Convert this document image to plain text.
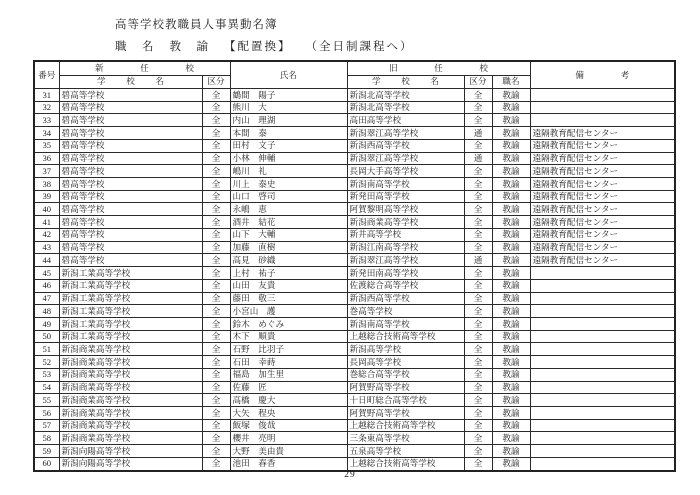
高等学校教職員人事異動名簿
職　名 教　諭 【配置換】 （全日制課程へ）
番号	新　任　校		氏名	旧　任　校			備　考
	学　校　名	区分		学　校　名	区分	職名	
31	碧高等学校	全	鶴間　陽子	新潟北高等学校	全	教諭	
32	碧高等学校	全	熊川　大	新潟北高等学校	全	教諭	
33	碧高等学校	全	内山　理湖	高田高等学校	全	教諭	
34	碧高等学校	全	本間　泰	新潟翠江高等学校	通	教諭	遠隔教育配信センター
35	碧高等学校	全	田村　文子	新潟西高等学校	全	教諭	遠隔教育配信センター
36	碧高等学校	全	小林　伸輔	新潟翠江高等学校	通	教諭	遠隔教育配信センター
37	碧高等学校	全	嶋川　礼	長岡大手高等学校	全	教諭	遠隔教育配信センター
38	碧高等学校	全	川上　泰史	新潟南高等学校	全	教諭	遠隔教育配信センター
39	碧高等学校	全	山口　啓司	新発田高等学校	全	教諭	遠隔教育配信センター
40	碧高等学校	全	永嶋　恵	阿賀黎明高等学校	全	教諭	遠隔教育配信センター
41	碧高等学校	全	酒井　結花	新潟商業高等学校	全	教諭	遠隔教育配信センター
42	碧高等学校	全	山下　大輔	新井高等学校	全	教諭	遠隔教育配信センター
43	碧高等学校	全	加藤　直樹	新潟江南高等学校	全	教諭	遠隔教育配信センター
44	碧高等学校	全	高見　砂織	新潟翠江高等学校	通	教諭	遠隔教育配信センター
45	新潟工業高等学校	全	上村　祐子	新発田南高等学校	全	教諭	
46	新潟工業高等学校	全	山田　友貴	佐渡総合高等学校	全	教諭	
47	新潟工業高等学校	全	藤田　敬三	新潟西高等学校	全	教諭	
48	新潟工業高等学校	全	小宮山　護	巻高等学校	全	教諭	
49	新潟工業高等学校	全	鈴木　めぐみ	新潟南高等学校	全	教諭	
50	新潟工業高等学校	全	木下　順貴	上越総合技術高等学校	全	教諭	
51	新潟商業高等学校	全	石野　比羽子	新潟高等学校	全	教諭	
52	新潟商業高等学校	全	石田　幸蒔	長岡高等学校	全	教諭	
53	新潟商業高等学校	全	福島　加生里	巻総合高等学校	全	教諭	
54	新潟商業高等学校	全	佐藤　匠	阿賀野高等学校	全	教諭	
55	新潟商業高等学校	全	高橋　慶大	十日町総合高等学校	全	教諭	
56	新潟商業高等学校	全	大矢　程央	阿賀野高等学校	全	教諭	
57	新潟商業高等学校	全	飯塚　俊哉	上越総合技術高等学校	全	教諭	
58	新潟商業高等学校	全	櫻井　亮明	三条東高等学校	全	教諭	
59	新潟向陽高等学校	全	大野　美由貴	五泉高等学校	全	教諭	
60	新潟向陽高等学校	全	池田　春香	上越総合技術高等学校	全	教諭	
29
